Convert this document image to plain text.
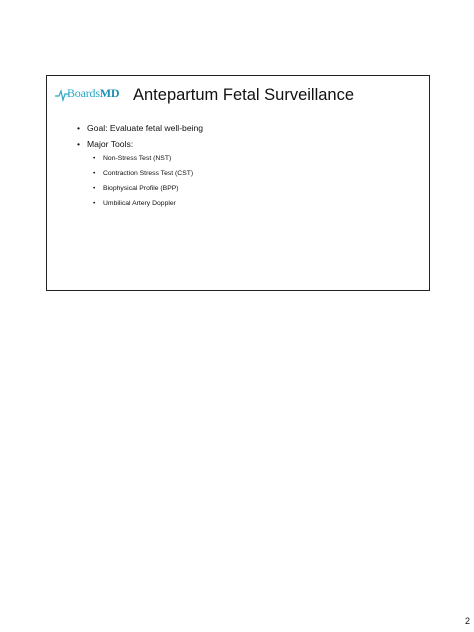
BoardsMD Antepartum Fetal Surveillance
• Goal: Evaluate fetal well-being
• Major Tools:
• Non-Stress Test (NST)
• Contraction Stress Test (CST)
• Biophysical Profile (BPP)
• Umbilical Artery Doppler
2
